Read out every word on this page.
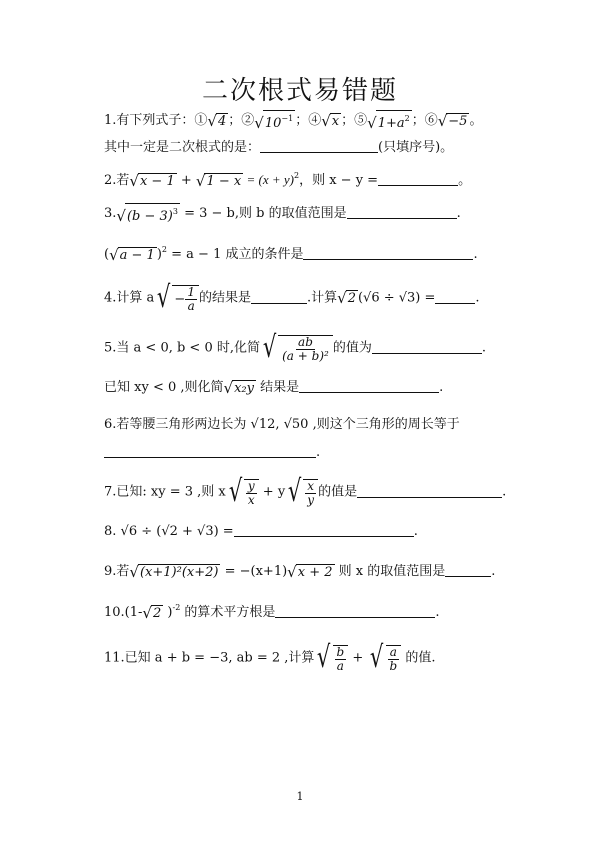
二次根式易错题
1.有下列式子：① √ 4 ；② √ $10^{-1}$ ；④ √ x ；⑤ √ $1+a^2$ ；⑥ √ −5 。
其中一定是二次根式的是：	(只填序号)。
2.若 √ x − 1 + √ $1 - x = (x + y)^2$，则 x − y =	。
3. √ $(b - 3)^3 = 3 - b$,则 b 的取值范围是	.
( √ a − 1 )$^2$ = a − 1 成立的条件是	.
4.计算 a √ − $\frac{1}{a}$ 的结果是	.计算 √ 2 (√6 ÷ √3) =	.
5.当 a < 0, b < 0 时,化简 √ $\frac{ab}{\text{(a + b)²}}$ 的值为	.
已知 xy < 0 ,则化简 √ x₂y 结果是	.
6.若等腰三角形两边长为 √12, √50 ,则这个三角形的周长等于
.
7.已知: xy = 3 ,则 x √ $\frac{y}{x} + y$ √ $\frac{x}{y}$ 的值是	.
8. √6 ÷ (√2 + √3) =	.
9.若 √ (x+1)²(x+2) = −(x+1) √ x + 2 则 x 的取值范围是	.
10.(1- √ 2 )$^{-2}$ 的算术平方根是	.
11.已知 a + b = −3, ab = 2 ,计算 √ $\frac{b}{a}$ + √ $\frac{a}{b}$ 的值.
1
